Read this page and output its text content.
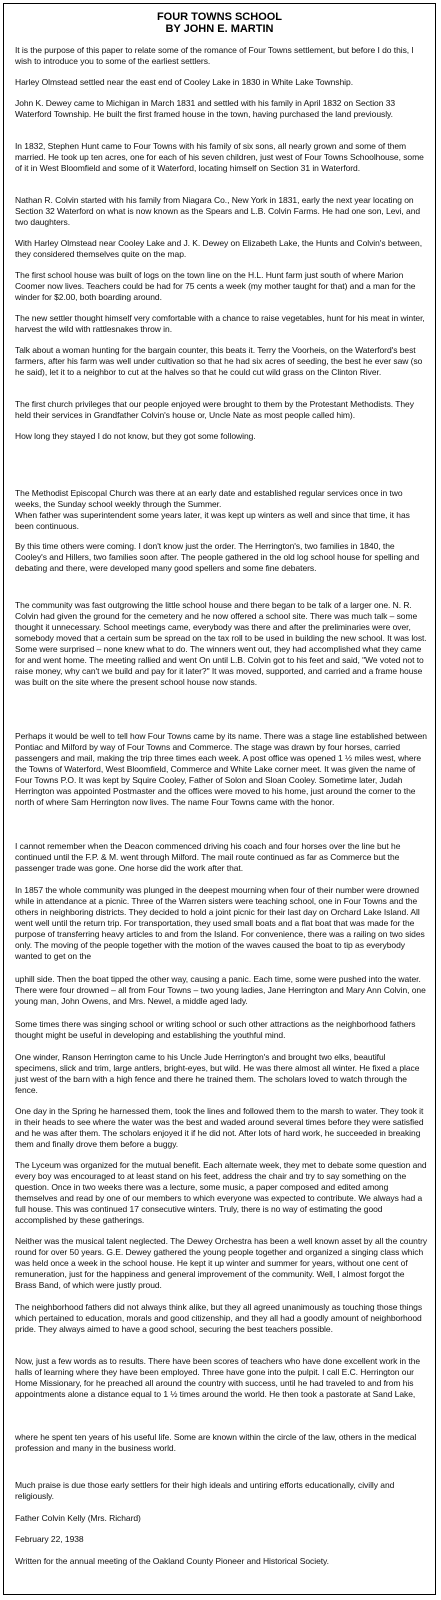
FOUR TOWNS SCHOOL
BY JOHN E. MARTIN

It is the purpose of this paper to relate some of the romance of Four Towns settlement, but before I do this, I wish to introduce you to some of the earliest settlers.

Harley Olmstead settled near the east end of Cooley Lake in 1830 in White Lake Township.

John K. Dewey came to Michigan in March 1831 and settled with his family in April 1832 on Section 33 Waterford Township. He built the first framed house in the town, having purchased the land previously.

In 1832, Stephen Hunt came to Four Towns with his family of six sons, all nearly grown and some of them married. He took up ten acres, one for each of his seven children, just west of Four Towns Schoolhouse, some of it in West Bloomfield and some of it Waterford, locating himself on Section 31 in Waterford.

Nathan R. Colvin started with his family from Niagara Co., New York in 1831, early the next year locating on Section 32 Waterford on what is now known as the Spears and L.B. Colvin Farms. He had one son, Levi, and two daughters.

With Harley Olmstead near Cooley Lake and J. K. Dewey on Elizabeth Lake, the Hunts and Colvin's between, they considered themselves quite on the map.

The first school house was built of logs on the town line on the H.L. Hunt farm just south of where Marion Coomer now lives. Teachers could be had for 75 cents a week (my mother taught for that) and a man for the winder for $2.00, both boarding around.

The new settler thought himself very comfortable with a chance to raise vegetables, hunt for his meat in winter, harvest the wild with rattlesnakes throw in.

Talk about a woman hunting for the bargain counter, this beats it. Terry the Voorheis, on the Waterford's best farmers, after his farm was well under cultivation so that he had six acres of seeding, the best he ever saw (so he said), let it to a neighbor to cut at the halves so that he could cut wild grass on the Clinton River.

The first church privileges that our people enjoyed were brought to them by the Protestant Methodists. They held their services in Grandfather Colvin's house or, Uncle Nate as most people called him).

How long they stayed I do not know, but they got some following.

The Methodist Episcopal Church was there at an early date and established regular services once in two weeks, the Sunday school weekly through the Summer.
When father was superintendent some years later, it was kept up winters as well and since that time, it has been continuous.

By this time others were coming. I don't know just the order. The Herrington's, two families in 1840, the Cooley's and Hillers, two families soon after. The people gathered in the old log school house for spelling and debating and there, were developed many good spellers and some fine debaters.

The community was fast outgrowing the little school house and there began to be talk of a larger one. N. R. Colvin had given the ground for the cemetery and he now offered a school site. There was much talk – some thought it unnecessary. School meetings came, everybody was there and after the preliminaries were over, somebody moved that a certain sum be spread on the tax roll to be used in building the new school. It was lost. Some were surprised – none knew what to do. The winners went out, they had accomplished what they came for and went home. The meeting rallied and went On until L.B. Colvin got to his feet and said, "We voted not to raise money, why can't we build and pay for it later?" It was moved, supported, and carried and a frame house was built on the site where the present school house now stands.

Perhaps it would be well to tell how Four Towns came by its name. There was a stage line established between Pontiac and Milford by way of Four Towns and Commerce. The stage was drawn by four horses, carried passengers and mail, making the trip three times each week. A post office was opened 1 ½ miles west, where the Towns of Waterford, West Bloomfield, Commerce and White Lake corner meet. It was given the name of Four Towns P.O. It was kept by Squire Cooley, Father of Solon and Sloan Cooley. Sometime later, Judah Herrington was appointed Postmaster and the offices were moved to his home, just around the corner to the north of where Sam Herrington now lives. The name Four Towns came with the honor.

I cannot remember when the Deacon commenced driving his coach and four horses over the line but he continued until the F.P. & M. went through Milford. The mail route continued as far as Commerce but the passenger trade was gone. One horse did the work after that.

In 1857 the whole community was plunged in the deepest mourning when four of their number were drowned while in attendance at a picnic. Three of the Warren sisters were teaching school, one in Four Towns and the others in neighboring districts. They decided to hold a joint picnic for their last day on Orchard Lake Island. All went well until the return trip. For transportation, they used small boats and a flat boat that was made for the purpose of transferring heavy articles to and from the Island. For convenience, there was a railing on two sides only. The moving of the people together with the motion of the waves caused the boat to tip as everybody wanted to get on the

uphill side. Then the boat tipped the other way, causing a panic. Each time, some were pushed into the water. There were four drowned – all from Four Towns – two young ladies, Jane Herrington and Mary Ann Colvin, one young man, John Owens, and Mrs. Newel, a middle aged lady.

Some times there was singing school or writing school or such other attractions as the neighborhood fathers thought might be useful in developing and establishing the youthful mind.

One winder, Ranson Herrington came to his Uncle Jude Herrington's and brought two elks, beautiful specimens, slick and trim, large antlers, bright-eyes, but wild. He was there almost all winter. He fixed a place just west of the barn with a high fence and there he trained them. The scholars loved to watch through the fence.

One day in the Spring he harnessed them, took the lines and followed them to the marsh to water. They took it in their heads to see where the water was the best and waded around several times before they were satisfied and he was after them. The scholars enjoyed it if he did not. After lots of hard work, he succeeded in breaking them and finally drove them before a buggy.

The Lyceum was organized for the mutual benefit. Each alternate week, they met to debate some question and every boy was encouraged to at least stand on his feet, address the chair and try to say something on the question. Once in two weeks there was a lecture, some music, a paper composed and edited among themselves and read by one of our members to which everyone was expected to contribute. We always had a full house. This was continued 17 consecutive winters. Truly, there is no way of estimating the good accomplished by these gatherings.

Neither was the musical talent neglected. The Dewey Orchestra has been a well known asset by all the country round for over 50 years. G.E. Dewey gathered the young people together and organized a singing class which was held once a week in the school house. He kept it up winter and summer for years, without one cent of remuneration, just for the happiness and general improvement of the community. Well, I almost forgot the Brass Band, of which were justly proud.

The neighborhood fathers did not always think alike, but they all agreed unanimously as touching those things which pertained to education, morals and good citizenship, and they all had a goodly amount of neighborhood pride. They always aimed to have a good school, securing the best teachers possible.

Now, just a few words as to results. There have been scores of teachers who have done excellent work in the halls of learning where they have been employed. Three have gone into the pulpit. I call E.C. Herrington our Home Missionary, for he preached all around the country with success, until he had traveled to and from his appointments alone a distance equal to 1 ½ times around the world. He then took a pastorate at Sand Lake,

where he spent ten years of his useful life. Some are known within the circle of the law, others in the medical profession and many in the business world.

Much praise is due those early settlers for their high ideals and untiring efforts educationally, civilly and religiously.

Father Colvin Kelly (Mrs. Richard)

February 22, 1938

Written for the annual meeting of the Oakland County Pioneer and Historical Society.
